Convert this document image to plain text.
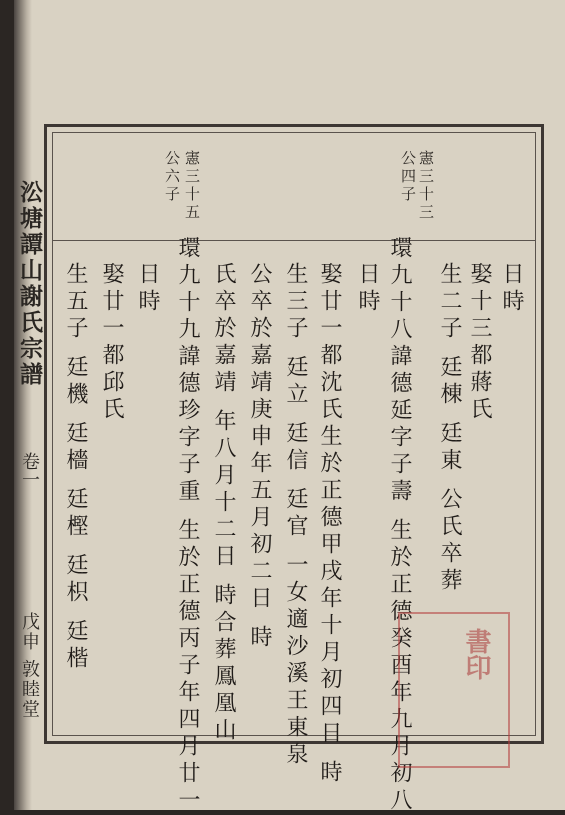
㳂塘譚山謝氏宗譜
卷一
戊申 敦睦堂
憲三十三
公四子
憲三十五
公六子
日時
娶十三都蔣氏
生二子 廷棟 廷東 公氏卒葬
環九十八諱德延字子壽 生於正德癸酉年九月初八
日時
娶廿一都沈氏生於正德甲戌年十月初四日 時
生三子 廷立 廷信 廷官 一女適沙溪王東泉
公卒於嘉靖庚申年五月初二日 時
氏卒於嘉靖 年八月十二日 時合葬鳳凰山
環九十九諱德珍字子重 生於正德丙子年四月廿一
日時
娶廿一都邱氏
生五子 廷機 廷檣 廷樫 廷枳 廷楷	書印
